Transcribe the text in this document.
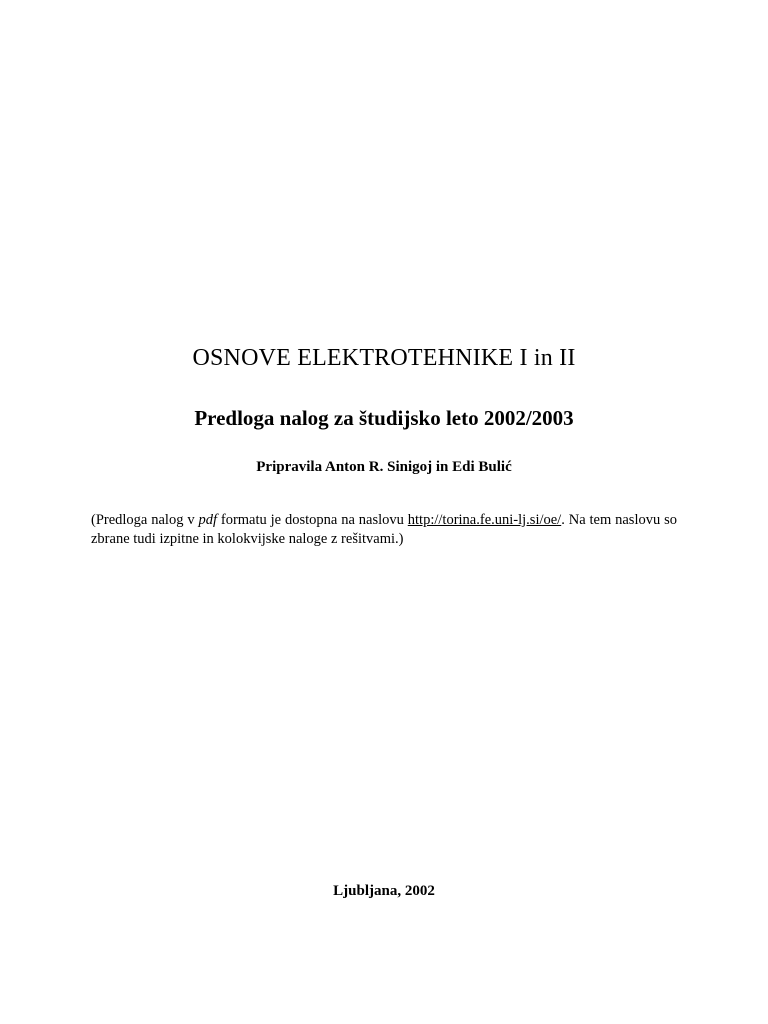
OSNOVE ELEKTROTEHNIKE I in II
Predloga nalog za študijsko leto 2002/2003

Pripravila Anton R. Sinigoj in Edi Bulić

(Predloga nalog v pdf formatu je dostopna na naslovu http://torina.fe.uni-lj.si/oe/. Na tem naslovu so zbrane tudi izpitne in kolokvijske naloge z rešitvami.)

Ljubljana, 2002
